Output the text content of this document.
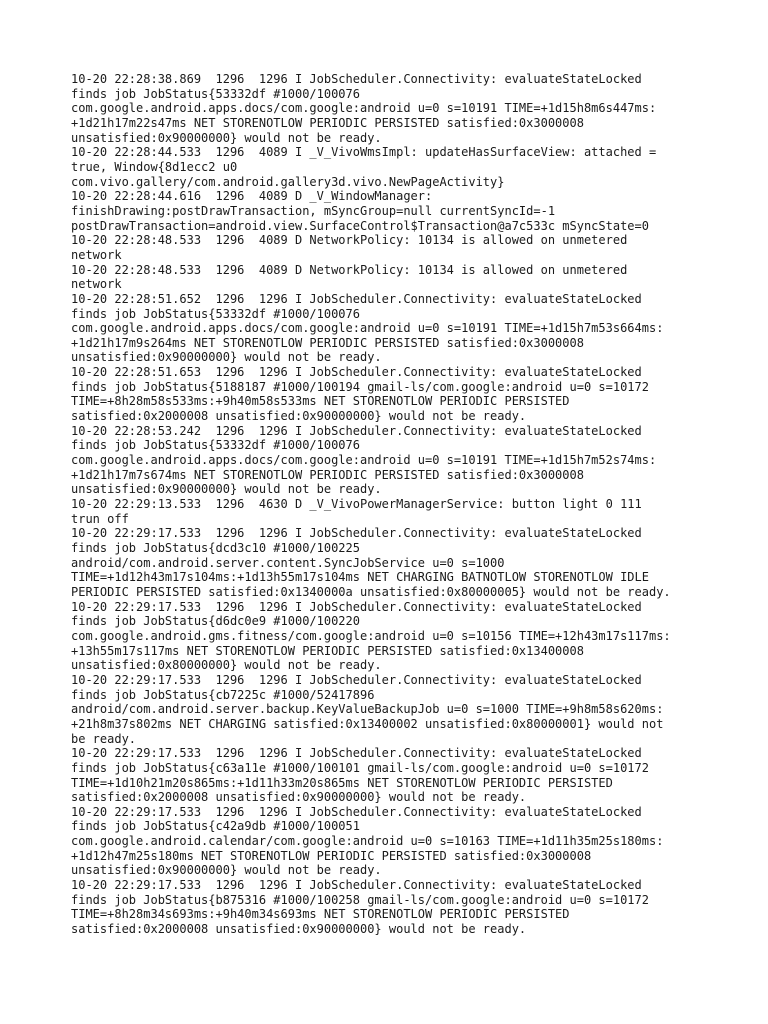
10-20 22:28:38.869  1296  1296 I JobScheduler.Connectivity: evaluateStateLocked
finds job JobStatus{53332df #1000/100076
com.google.android.apps.docs/com.google:android u=0 s=10191 TIME=+1d15h8m6s447ms:
+1d21h17m22s47ms NET STORENOTLOW PERIODIC PERSISTED satisfied:0x3000008
unsatisfied:0x90000000} would not be ready.
10-20 22:28:44.533  1296  4089 I _V_VivoWmsImpl: updateHasSurfaceView: attached =
true, Window{8d1ecc2 u0
com.vivo.gallery/com.android.gallery3d.vivo.NewPageActivity}
10-20 22:28:44.616  1296  4089 D _V_WindowManager:
finishDrawing:postDrawTransaction, mSyncGroup=null currentSyncId=-1
postDrawTransaction=android.view.SurfaceControl$Transaction@a7c533c mSyncState=0
10-20 22:28:48.533  1296  4089 D NetworkPolicy: 10134 is allowed on unmetered
network
10-20 22:28:48.533  1296  4089 D NetworkPolicy: 10134 is allowed on unmetered
network
10-20 22:28:51.652  1296  1296 I JobScheduler.Connectivity: evaluateStateLocked
finds job JobStatus{53332df #1000/100076
com.google.android.apps.docs/com.google:android u=0 s=10191 TIME=+1d15h7m53s664ms:
+1d21h17m9s264ms NET STORENOTLOW PERIODIC PERSISTED satisfied:0x3000008
unsatisfied:0x90000000} would not be ready.
10-20 22:28:51.653  1296  1296 I JobScheduler.Connectivity: evaluateStateLocked
finds job JobStatus{5188187 #1000/100194 gmail-ls/com.google:android u=0 s=10172
TIME=+8h28m58s533ms:+9h40m58s533ms NET STORENOTLOW PERIODIC PERSISTED
satisfied:0x2000008 unsatisfied:0x90000000} would not be ready.
10-20 22:28:53.242  1296  1296 I JobScheduler.Connectivity: evaluateStateLocked
finds job JobStatus{53332df #1000/100076
com.google.android.apps.docs/com.google:android u=0 s=10191 TIME=+1d15h7m52s74ms:
+1d21h17m7s674ms NET STORENOTLOW PERIODIC PERSISTED satisfied:0x3000008
unsatisfied:0x90000000} would not be ready.
10-20 22:29:13.533  1296  4630 D _V_VivoPowerManagerService: button light 0 111
trun off
10-20 22:29:17.533  1296  1296 I JobScheduler.Connectivity: evaluateStateLocked
finds job JobStatus{dcd3c10 #1000/100225
android/com.android.server.content.SyncJobService u=0 s=1000
TIME=+1d12h43m17s104ms:+1d13h55m17s104ms NET CHARGING BATNOTLOW STORENOTLOW IDLE
PERIODIC PERSISTED satisfied:0x1340000a unsatisfied:0x80000005} would not be ready.
10-20 22:29:17.533  1296  1296 I JobScheduler.Connectivity: evaluateStateLocked
finds job JobStatus{d6dc0e9 #1000/100220
com.google.android.gms.fitness/com.google:android u=0 s=10156 TIME=+12h43m17s117ms:
+13h55m17s117ms NET STORENOTLOW PERIODIC PERSISTED satisfied:0x13400008
unsatisfied:0x80000000} would not be ready.
10-20 22:29:17.533  1296  1296 I JobScheduler.Connectivity: evaluateStateLocked
finds job JobStatus{cb7225c #1000/52417896
android/com.android.server.backup.KeyValueBackupJob u=0 s=1000 TIME=+9h8m58s620ms:
+21h8m37s802ms NET CHARGING satisfied:0x13400002 unsatisfied:0x80000001} would not
be ready.
10-20 22:29:17.533  1296  1296 I JobScheduler.Connectivity: evaluateStateLocked
finds job JobStatus{c63a11e #1000/100101 gmail-ls/com.google:android u=0 s=10172
TIME=+1d10h21m20s865ms:+1d11h33m20s865ms NET STORENOTLOW PERIODIC PERSISTED
satisfied:0x2000008 unsatisfied:0x90000000} would not be ready.
10-20 22:29:17.533  1296  1296 I JobScheduler.Connectivity: evaluateStateLocked
finds job JobStatus{c42a9db #1000/100051
com.google.android.calendar/com.google:android u=0 s=10163 TIME=+1d11h35m25s180ms:
+1d12h47m25s180ms NET STORENOTLOW PERIODIC PERSISTED satisfied:0x3000008
unsatisfied:0x90000000} would not be ready.
10-20 22:29:17.533  1296  1296 I JobScheduler.Connectivity: evaluateStateLocked
finds job JobStatus{b875316 #1000/100258 gmail-ls/com.google:android u=0 s=10172
TIME=+8h28m34s693ms:+9h40m34s693ms NET STORENOTLOW PERIODIC PERSISTED
satisfied:0x2000008 unsatisfied:0x90000000} would not be ready.
